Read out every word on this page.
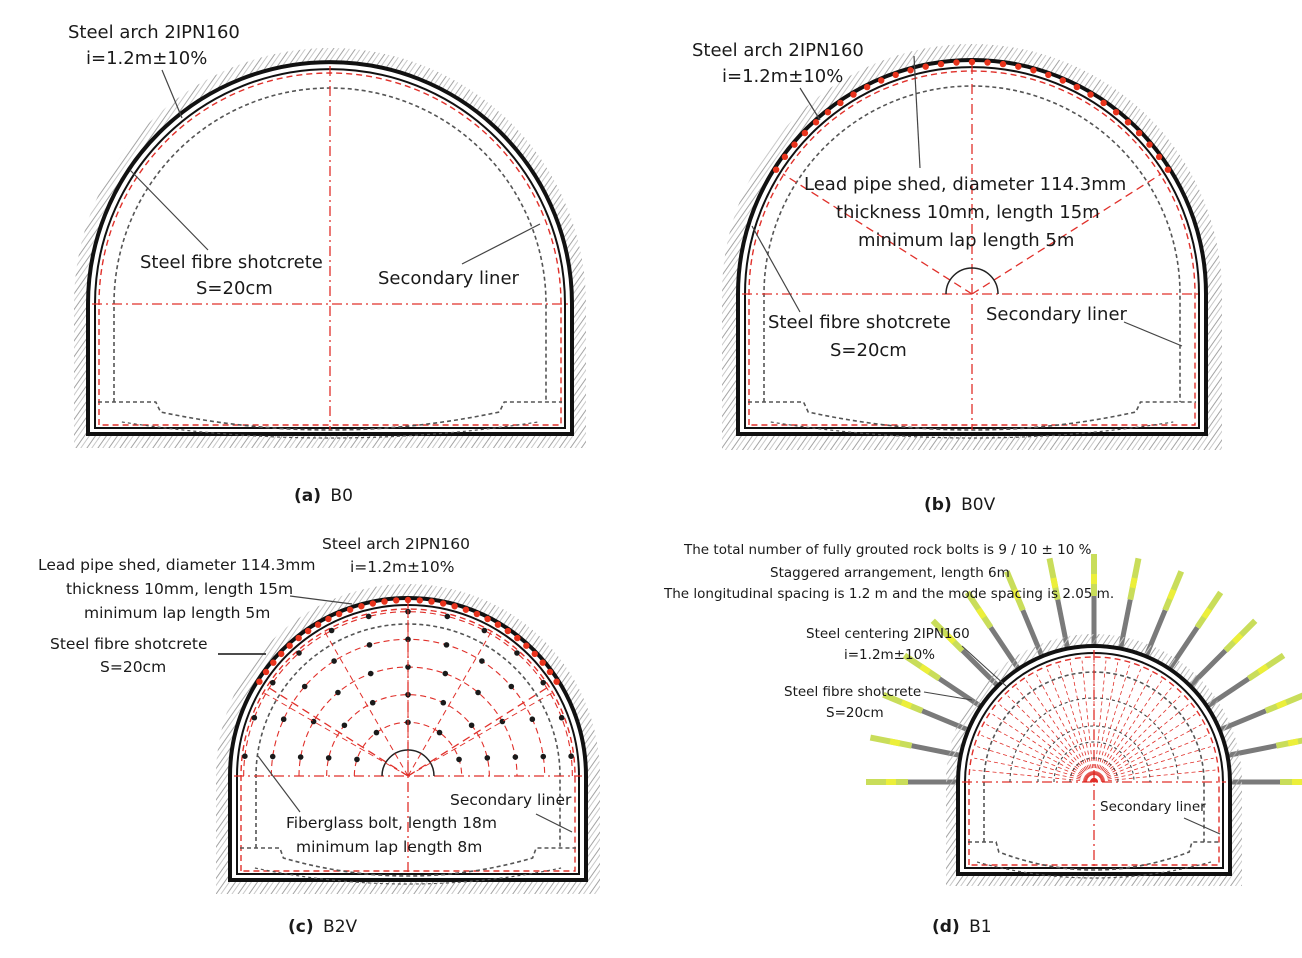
Steel arch 2IPN160
i=1.2m±10%
Steel fibre shotcrete
S=20cm	Secondary liner
(a) B0
Steel arch 2IPN160
i=1.2m±10%
Lead pipe shed, diameter 114.3mm
thickness 10mm, length 15m
minimum lap length 5m
Steel fibre shotcrete
S=20cm
Secondary liner
(b) B0V
Lead pipe shed, diameter 114.3mm
thickness 10mm, length 15m
minimum lap length 5m
Steel arch 2IPN160
i=1.2m±10%
Steel fibre shotcrete
S=20cm
Fiberglass bolt, length 18m
minimum lap length 8m
Secondary liner
(c) B2V
The total number of fully grouted rock bolts is 9 / 10 ± 10 %
Staggered arrangement, length 6m
The longitudinal spacing is 1.2 m and the mode spacing is 2.05 m.
Steel centering 2IPN160
i=1.2m±10%
Steel fibre shotcrete
S=20cm
Secondary liner
(d) B1
